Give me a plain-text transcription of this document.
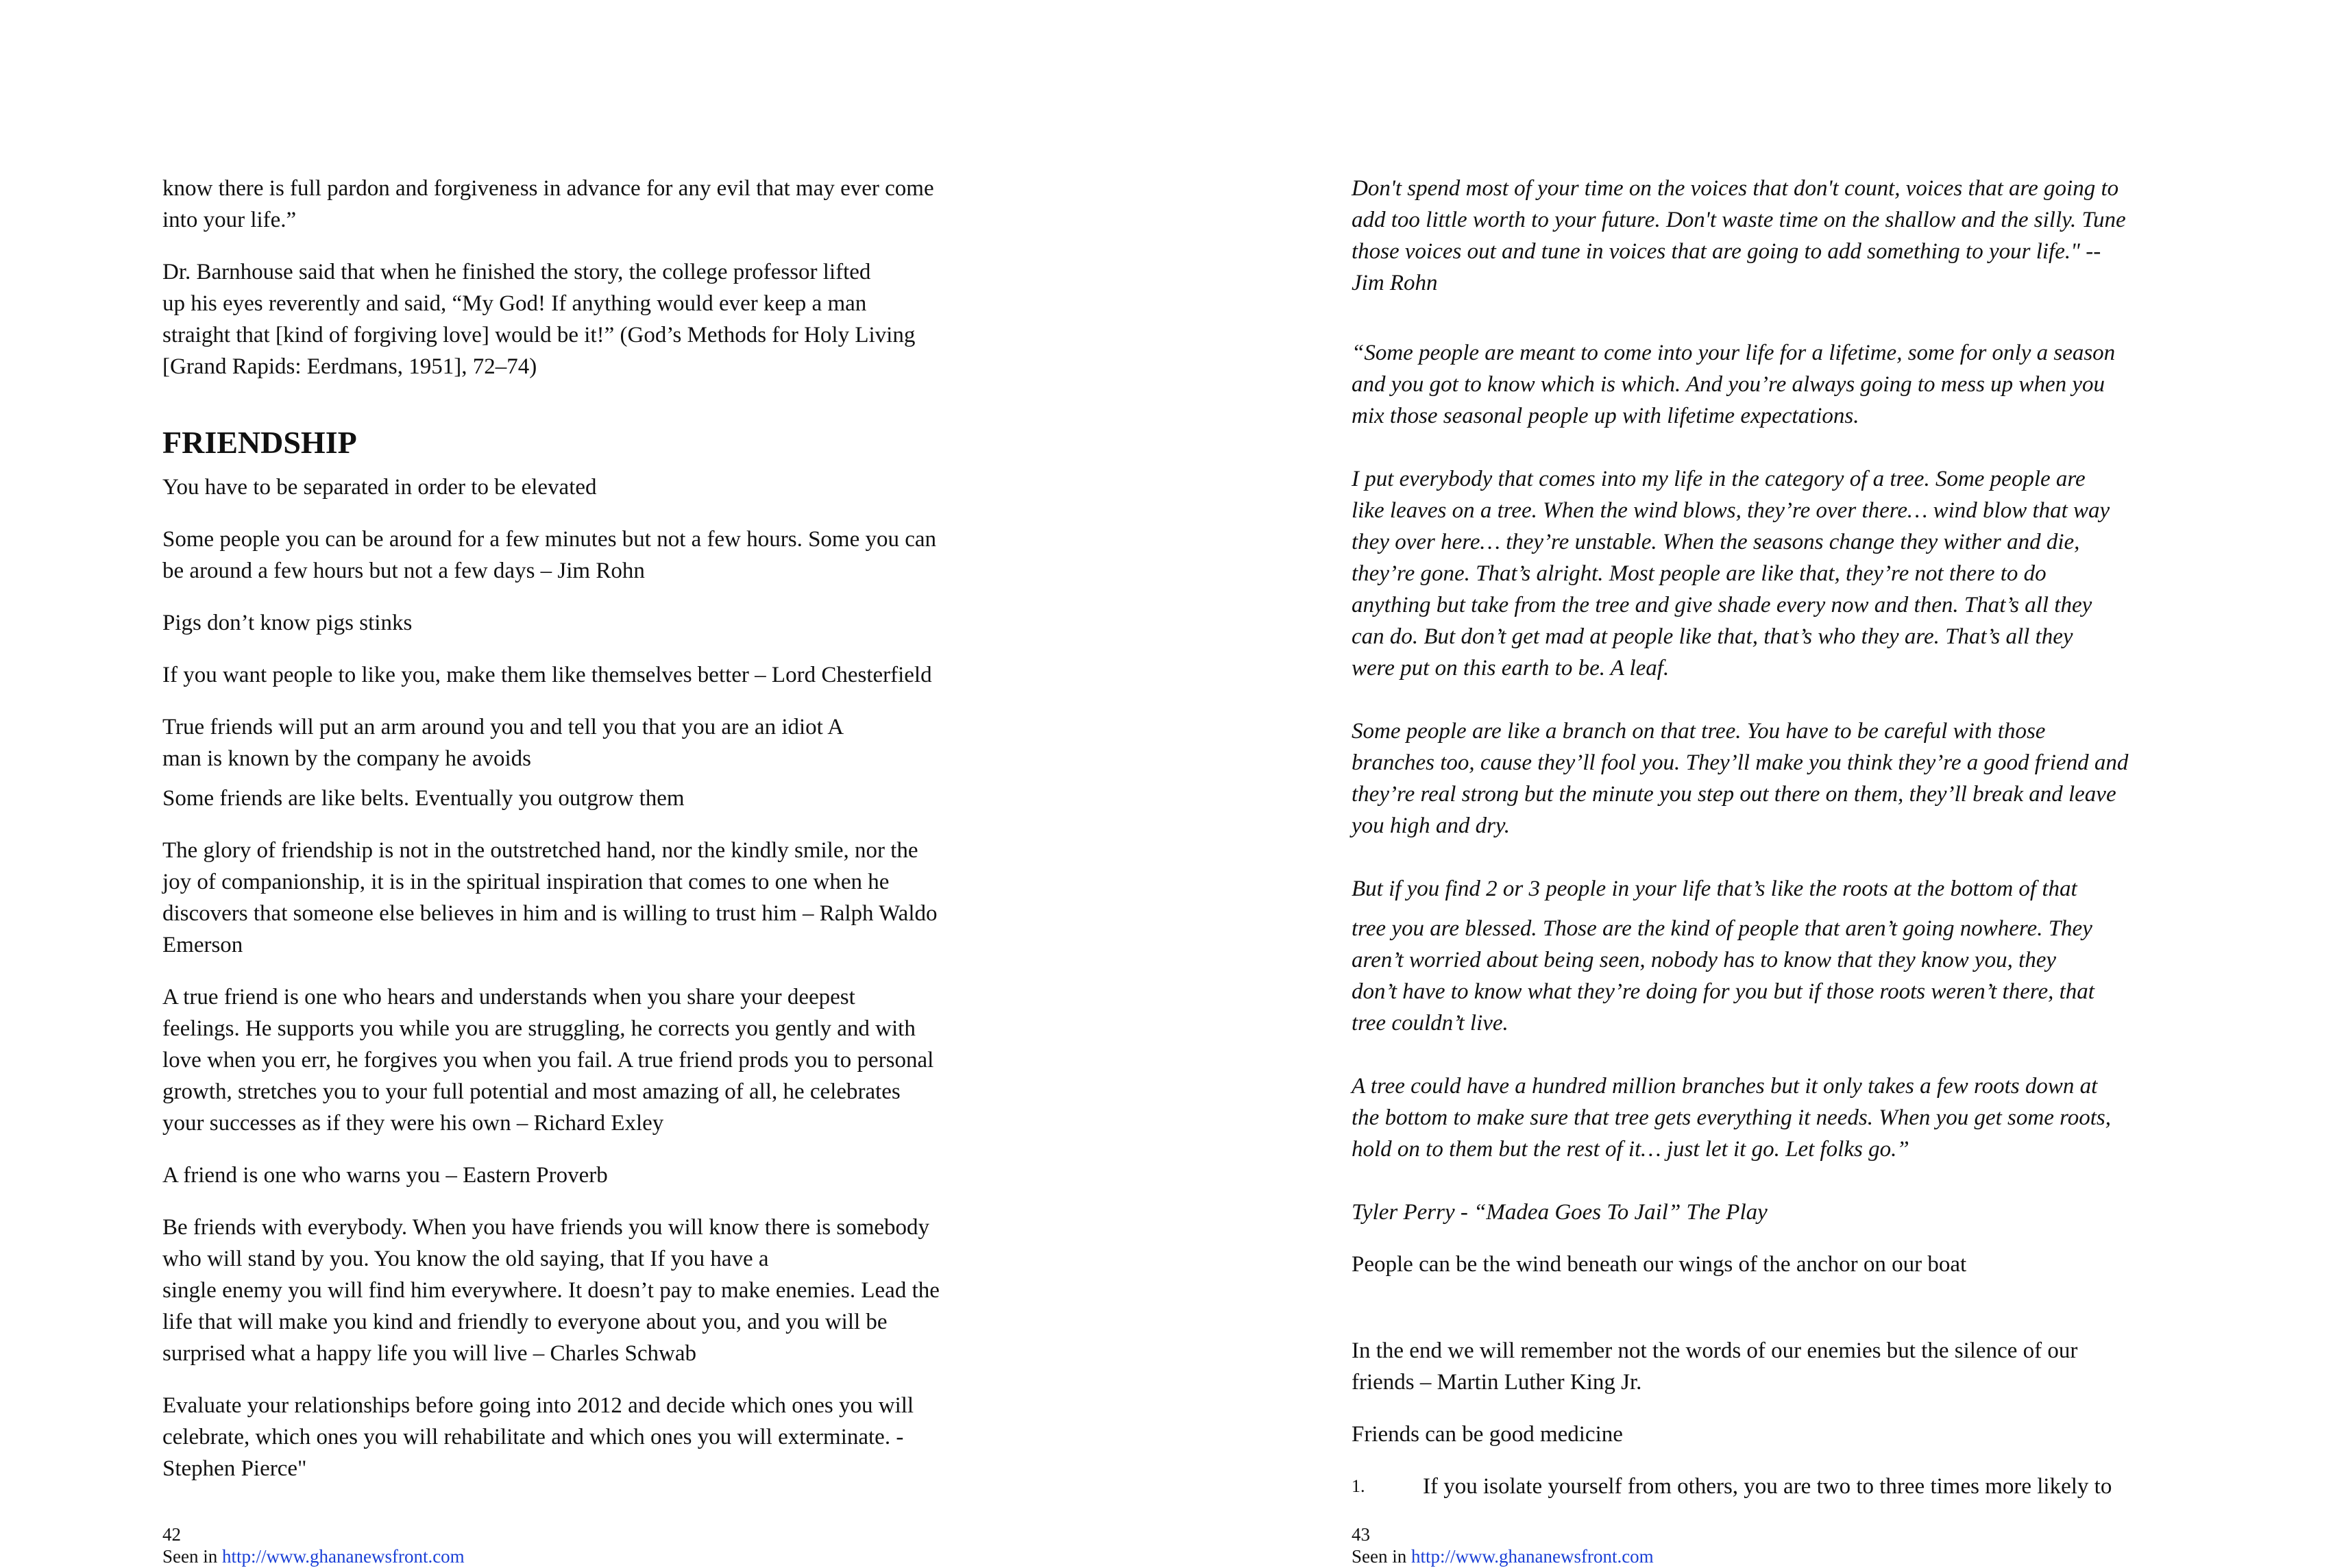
know there is full pardon and forgiveness in advance for any evil that may ever come
into your life.”

Dr. Barnhouse said that when he finished the story, the college professor lifted
up his eyes reverently and said, “My God! If anything would ever keep a man
straight that [kind of forgiving love] would be it!” (God’s Methods for Holy Living
[Grand Rapids: Eerdmans, 1951], 72–74)

FRIENDSHIP

You have to be separated in order to be elevated

Some people you can be around for a few minutes but not a few hours. Some you can
be around a few hours but not a few days – Jim Rohn

Pigs don’t know pigs stinks

If you want people to like you, make them like themselves better – Lord Chesterfield

True friends will put an arm around you and tell you that you are an idiot A
man is known by the company he avoids

Some friends are like belts. Eventually you outgrow them

The glory of friendship is not in the outstretched hand, nor the kindly smile, nor the
joy of companionship, it is in the spiritual inspiration that comes to one when he
discovers that someone else believes in him and is willing to trust him – Ralph Waldo
Emerson

A true friend is one who hears and understands when you share your deepest
feelings. He supports you while you are struggling, he corrects you gently and with
love when you err, he forgives you when you fail. A true friend prods you to personal
growth, stretches you to your full potential and most amazing of all, he celebrates
your successes as if they were his own – Richard Exley

A friend is one who warns you – Eastern Proverb

Be friends with everybody. When you have friends you will know there is somebody
who will stand by you. You know the old saying, that If you have a
single enemy you will find him everywhere. It doesn’t pay to make enemies. Lead the
life that will make you kind and friendly to everyone about you, and you will be
surprised what a happy life you will live – Charles Schwab

Evaluate your relationships before going into 2012 and decide which ones you will
celebrate, which ones you will rehabilitate and which ones you will exterminate. -
Stephen Pierce"

42
Seen in http://www.ghananewsfront.com

Don't spend most of your time on the voices that don't count, voices that are going to
add too little worth to your future. Don't waste time on the shallow and the silly. Tune
those voices out and tune in voices that are going to add something to your life." --
Jim Rohn

“Some people are meant to come into your life for a lifetime, some for only a season
and you got to know which is which. And you’re always going to mess up when you
mix those seasonal people up with lifetime expectations.

I put everybody that comes into my life in the category of a tree. Some people are
like leaves on a tree. When the wind blows, they’re over there… wind blow that way
they over here… they’re unstable. When the seasons change they wither and die,
they’re gone. That’s alright. Most people are like that, they’re not there to do
anything but take from the tree and give shade every now and then. That’s all they
can do. But don’t get mad at people like that, that’s who they are. That’s all they
were put on this earth to be. A leaf.

Some people are like a branch on that tree. You have to be careful with those
branches too, cause they’ll fool you. They’ll make you think they’re a good friend and
they’re real strong but the minute you step out there on them, they’ll break and leave
you high and dry.

But if you find 2 or 3 people in your life that’s like the roots at the bottom of that
tree you are blessed. Those are the kind of people that aren’t going nowhere. They
aren’t worried about being seen, nobody has to know that they know you, they
don’t have to know what they’re doing for you but if those roots weren’t there, that
tree couldn’t live.

A tree could have a hundred million branches but it only takes a few roots down at
the bottom to make sure that tree gets everything it needs. When you get some roots,
hold on to them but the rest of it… just let it go. Let folks go.”

Tyler Perry - “Madea Goes To Jail” The Play

People can be the wind beneath our wings of the anchor on our boat

In the end we will remember not the words of our enemies but the silence of our
friends – Martin Luther King Jr.

Friends can be good medicine

1.	If you isolate yourself from others, you are two to three times more likely to

43
Seen in http://www.ghananewsfront.com
